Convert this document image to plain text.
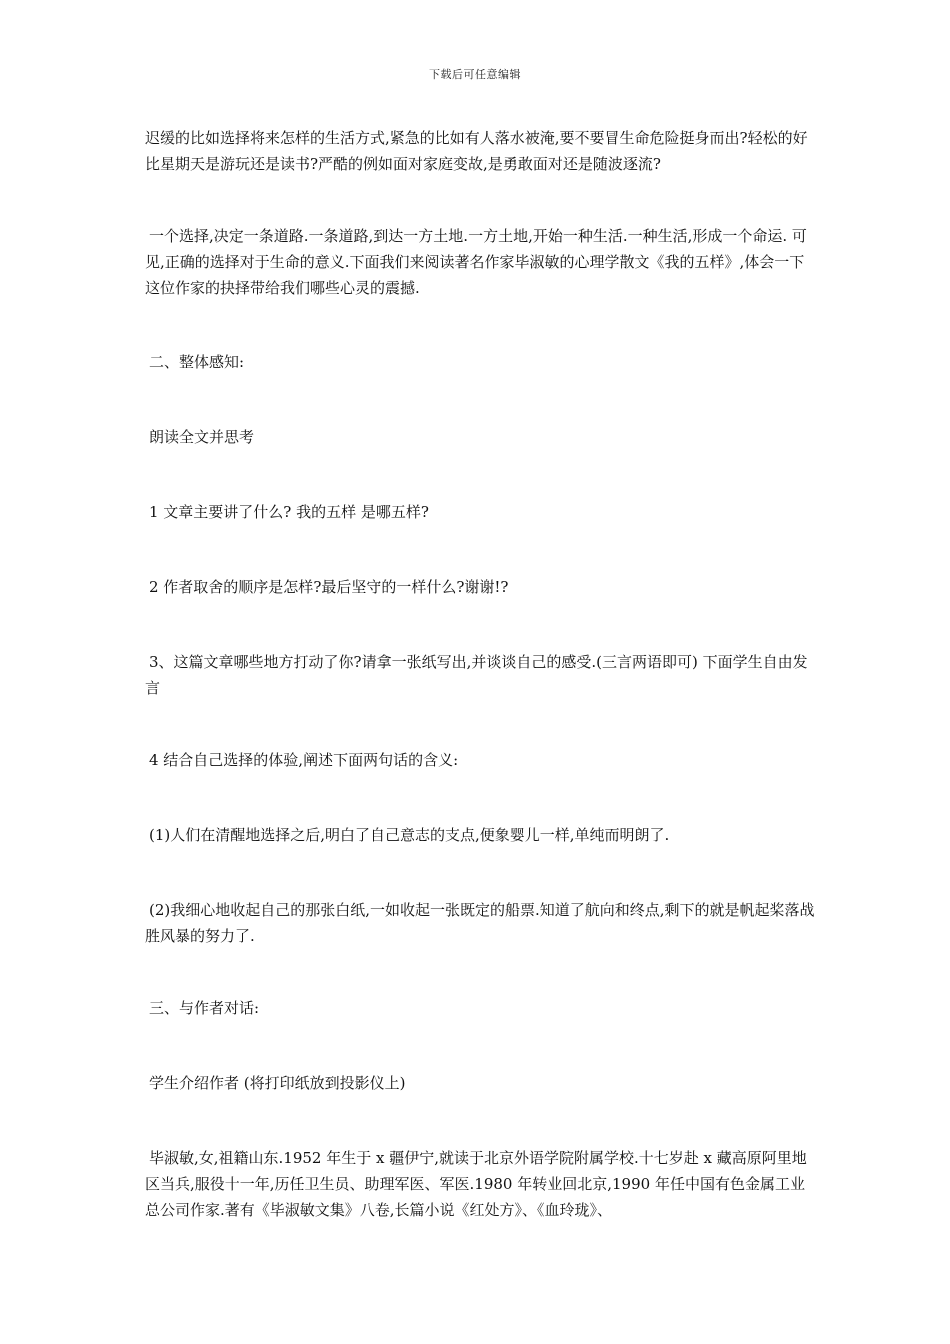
下载后可任意编辑
迟缓的比如选择将来怎样的生活方式,紧急的比如有人落水被淹,要不要冒生命危险挺身而出?轻松的好比星期天是游玩还是读书?严酷的例如面对家庭变故,是勇敢面对还是随波逐流?
一个选择,决定一条道路.一条道路,到达一方土地.一方土地,开始一种生活.一种生活,形成一个命运. 可见,正确的选择对于生命的意义.下面我们来阅读著名作家毕淑敏的心理学散文《我的五样》,体会一下这位作家的抉择带给我们哪些心灵的震撼.
二、整体感知:
朗读全文并思考
1 文章主要讲了什么? 我的五样 是哪五样?
2 作者取舍的顺序是怎样?最后坚守的一样什么?谢谢!?
3、这篇文章哪些地方打动了你?请拿一张纸写出,并谈谈自己的感受.(三言两语即可) 下面学生自由发言
4 结合自己选择的体验,阐述下面两句话的含义:
(1)人们在清醒地选择之后,明白了自己意志的支点,便象婴儿一样,单纯而明朗了.
(2)我细心地收起自己的那张白纸,一如收起一张既定的船票.知道了航向和终点,剩下的就是帆起桨落战胜风暴的努力了.
三、与作者对话:
学生介绍作者 (将打印纸放到投影仪上)
毕淑敏,女,祖籍山东.1952 年生于 x 疆伊宁,就读于北京外语学院附属学校.十七岁赴 x 藏高原阿里地区当兵,服役十一年,历任卫生员、助理军医、军医.1980 年转业回北京,1990 年任中国有色金属工业总公司作家.著有《毕淑敏文集》八卷,长篇小说《红处方》、《血玲珑》、
